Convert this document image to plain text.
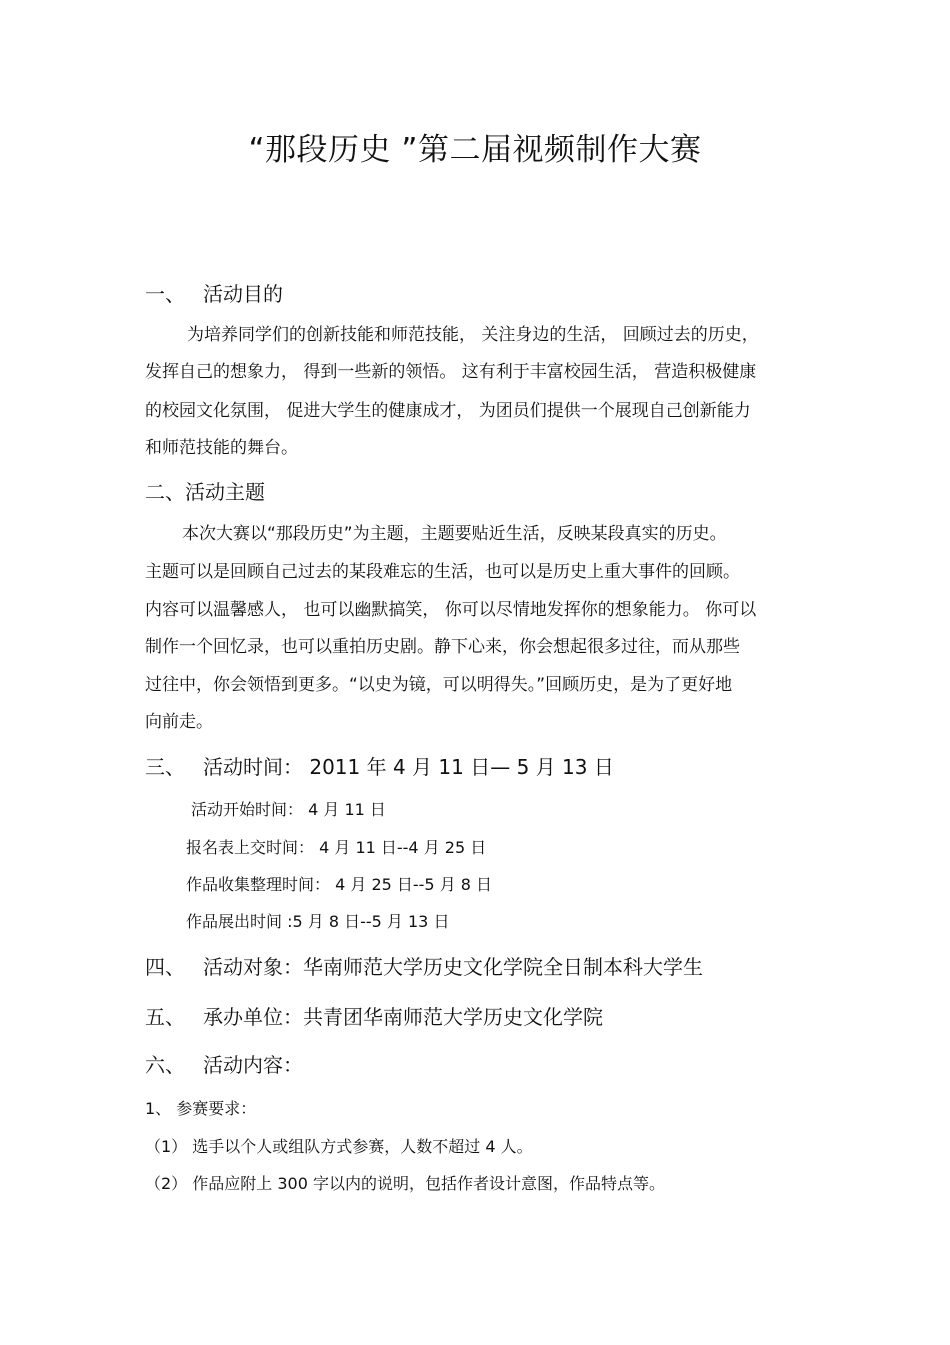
“那段历史 ”第二届视频制作大赛
一、 活动目的
为培养同学们的创新技能和师范技能， 关注身边的生活， 回顾过去的历史，
发挥自己的想象力， 得到一些新的领悟。 这有利于丰富校园生活， 营造积极健康
的校园文化氛围， 促进大学生的健康成才， 为团员们提供一个展现自己创新能力
和师范技能的舞台。
二、活动主题
本次大赛以“那段历史”为主题，主题要贴近生活，反映某段真实的历史。
主题可以是回顾自己过去的某段难忘的生活，也可以是历史上重大事件的回顾。
内容可以温馨感人， 也可以幽默搞笑， 你可以尽情地发挥你的想象能力。 你可以
制作一个回忆录，也可以重拍历史剧。静下心来，你会想起很多过往，而从那些
过往中，你会领悟到更多。“以史为镜，可以明得失。”回顾历史，是为了更好地
向前走。
三、 活动时间： 2011 年 4 月 11 日— 5 月 13 日
活动开始时间： 4 月 11 日
报名表上交时间： 4 月 11 日--4 月 25 日
作品收集整理时间： 4 月 25 日--5 月 8 日
作品展出时间 :5 月 8 日--5 月 13 日
四、 活动对象：华南师范大学历史文化学院全日制本科大学生
五、 承办单位：共青团华南师范大学历史文化学院
六、 活动内容：
1、 参赛要求：
（1） 选手以个人或组队方式参赛，人数不超过 4 人。
（2） 作品应附上 300 字以内的说明，包括作者设计意图，作品特点等。
